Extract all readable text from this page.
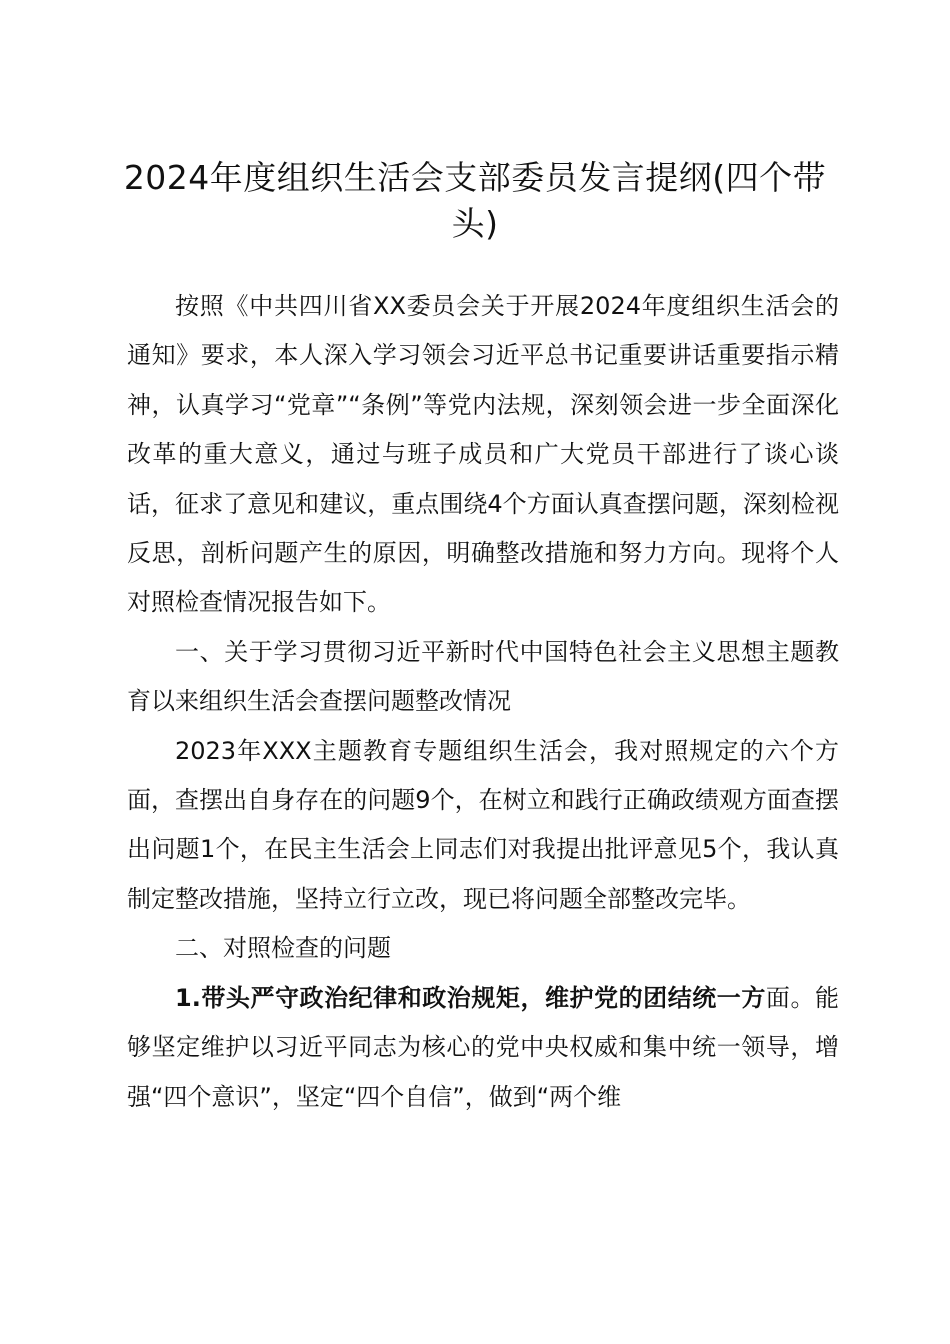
2024年度组织生活会支部委员发言提纲(四个带头)

按照《中共四川省XX委员会关于开展2024年度组织生活会的通知》要求，本人深入学习领会习近平总书记重要讲话重要指示精神，认真学习“党章”“条例”等党内法规，深刻领会进一步全面深化改革的重大意义，通过与班子成员和广大党员干部进行了谈心谈话，征求了意见和建议，重点围绕4个方面认真查摆问题，深刻检视反思，剖析问题产生的原因，明确整改措施和努力方向。现将个人对照检查情况报告如下。

一、关于学习贯彻习近平新时代中国特色社会主义思想主题教育以来组织生活会查摆问题整改情况

2023年XXX主题教育专题组织生活会，我对照规定的六个方面，查摆出自身存在的问题9个，在树立和践行正确政绩观方面查摆出问题1个，在民主生活会上同志们对我提出批评意见5个，我认真制定整改措施，坚持立行立改，现已将问题全部整改完毕。

二、对照检查的问题

1.带头严守政治纪律和政治规矩，维护党的团结统一方面。能够坚定维护以习近平同志为核心的党中央权威和集中统一领导，增强“四个意识”，坚定“四个自信”，做到“两个维
